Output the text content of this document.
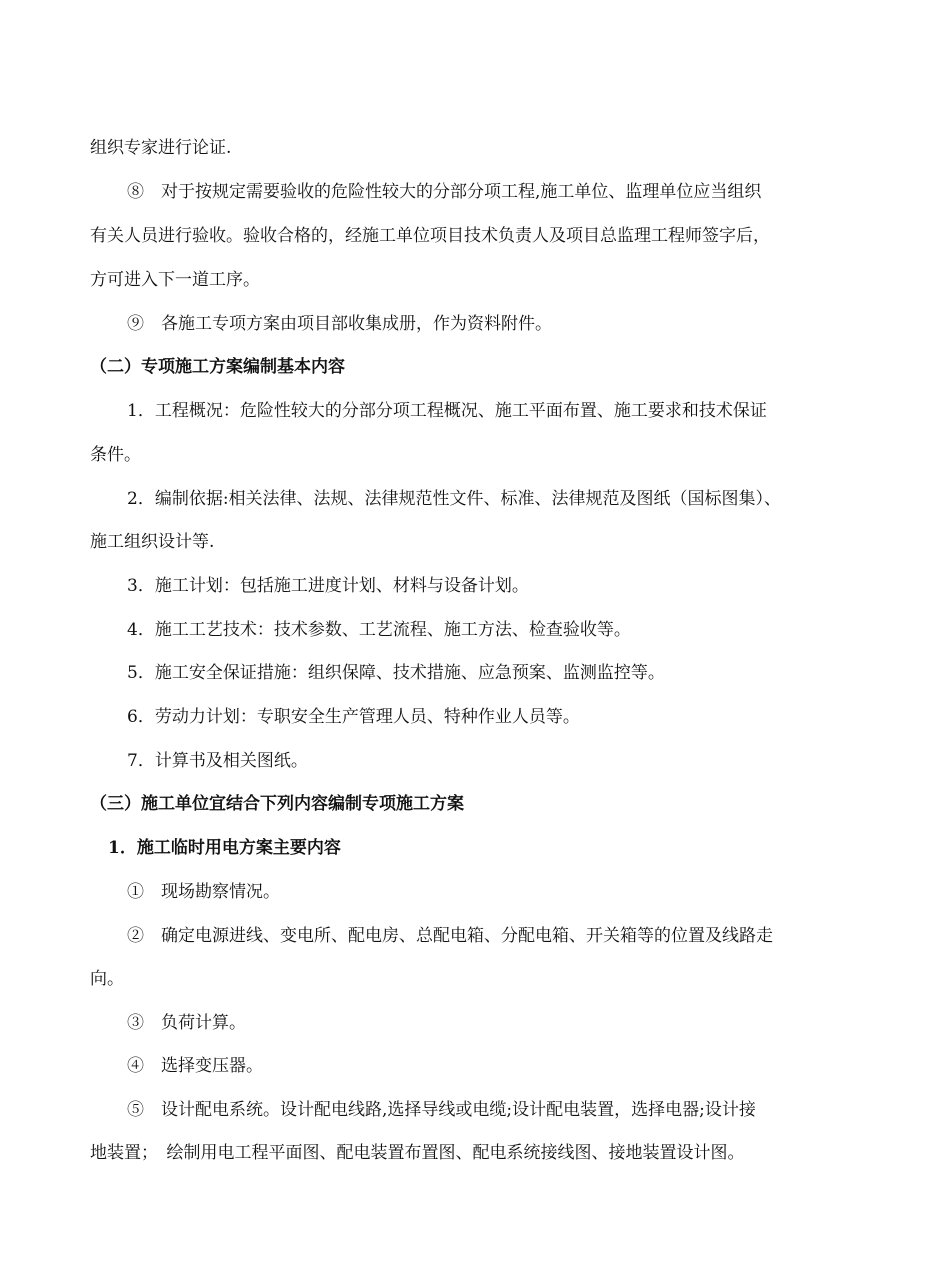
组织专家进行论证.
⑧　对于按规定需要验收的危险性较大的分部分项工程,施工单位、监理单位应当组织
有关人员进行验收。验收合格的，经施工单位项目技术负责人及项目总监理工程师签字后，
方可进入下一道工序。
⑨　各施工专项方案由项目部收集成册，作为资料附件。
（二）专项施工方案编制基本内容
1．工程概况：危险性较大的分部分项工程概况、施工平面布置、施工要求和技术保证
条件。
2．编制依据:相关法律、法规、法律规范性文件、标准、法律规范及图纸（国标图集）、
施工组织设计等.
3．施工计划：包括施工进度计划、材料与设备计划。
4．施工工艺技术：技术参数、工艺流程、施工方法、检查验收等。
5．施工安全保证措施：组织保障、技术措施、应急预案、监测监控等。
6．劳动力计划：专职安全生产管理人员、特种作业人员等。
7．计算书及相关图纸。
（三）施工单位宜结合下列内容编制专项施工方案
1．施工临时用电方案主要内容
①　现场勘察情况。
②　确定电源进线、变电所、配电房、总配电箱、分配电箱、开关箱等的位置及线路走
向。
③　负荷计算。
④　选择变压器。
⑤　设计配电系统。设计配电线路,选择导线或电缆;设计配电装置，选择电器;设计接
地装置；　绘制用电工程平面图、配电装置布置图、配电系统接线图、接地装置设计图。
